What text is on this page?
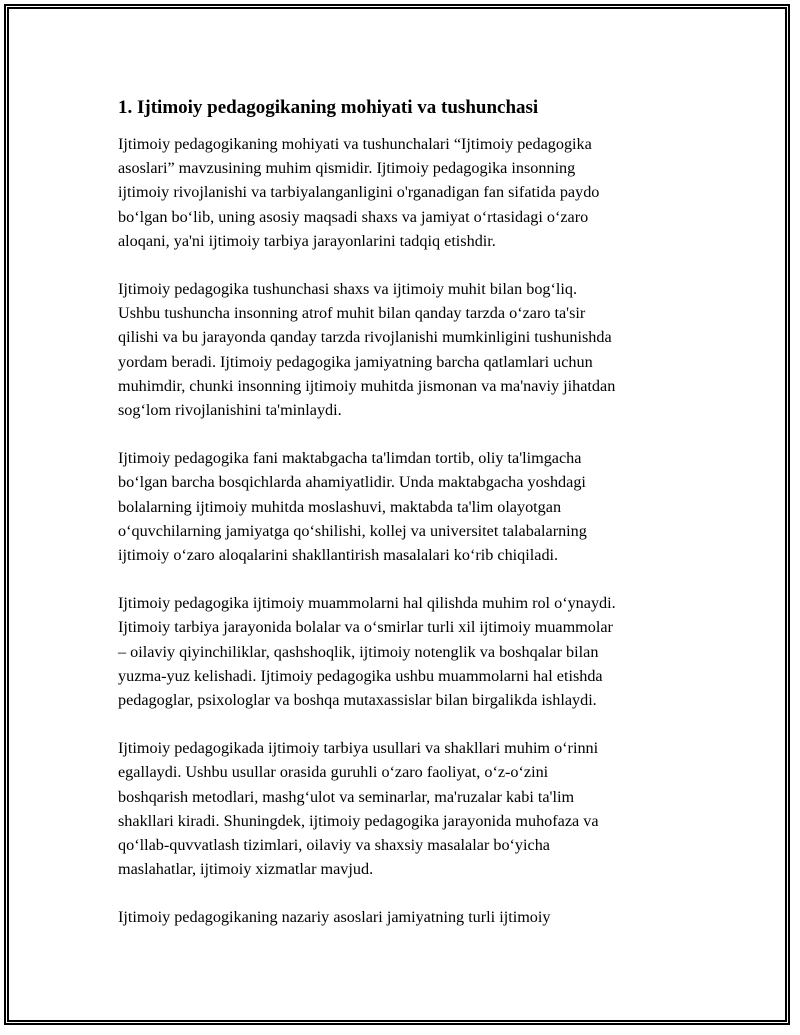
1. Ijtimoiy pedagogikaning mohiyati va tushunchasi
Ijtimoiy pedagogikaning mohiyati va tushunchalari “Ijtimoiy pedagogika
asoslari” mavzusining muhim qismidir. Ijtimoiy pedagogika insonning
ijtimoiy rivojlanishi va tarbiyalanganligini o'rganadigan fan sifatida paydo
bo‘lgan bo‘lib, uning asosiy maqsadi shaxs va jamiyat o‘rtasidagi o‘zaro
aloqani, ya'ni ijtimoiy tarbiya jarayonlarini tadqiq etishdir.
Ijtimoiy pedagogika tushunchasi shaxs va ijtimoiy muhit bilan bog‘liq.
Ushbu tushuncha insonning atrof muhit bilan qanday tarzda o‘zaro ta'sir
qilishi va bu jarayonda qanday tarzda rivojlanishi mumkinligini tushunishda
yordam beradi. Ijtimoiy pedagogika jamiyatning barcha qatlamlari uchun
muhimdir, chunki insonning ijtimoiy muhitda jismonan va ma'naviy jihatdan
sog‘lom rivojlanishini ta'minlaydi.
Ijtimoiy pedagogika fani maktabgacha ta'limdan tortib, oliy ta'limgacha
bo‘lgan barcha bosqichlarda ahamiyatlidir. Unda maktabgacha yoshdagi
bolalarning ijtimoiy muhitda moslashuvi, maktabda ta'lim olayotgan
o‘quvchilarning jamiyatga qo‘shilishi, kollej va universitet talabalarning
ijtimoiy o‘zaro aloqalarini shakllantirish masalalari ko‘rib chiqiladi.
Ijtimoiy pedagogika ijtimoiy muammolarni hal qilishda muhim rol o‘ynaydi.
Ijtimoiy tarbiya jarayonida bolalar va o‘smirlar turli xil ijtimoiy muammolar
– oilaviy qiyinchiliklar, qashshoqlik, ijtimoiy notenglik va boshqalar bilan
yuzma-yuz kelishadi. Ijtimoiy pedagogika ushbu muammolarni hal etishda
pedagoglar, psixologlar va boshqa mutaxassislar bilan birgalikda ishlaydi.
Ijtimoiy pedagogikada ijtimoiy tarbiya usullari va shakllari muhim o‘rinni
egallaydi. Ushbu usullar orasida guruhli o‘zaro faoliyat, o‘z-o‘zini
boshqarish metodlari, mashg‘ulot va seminarlar, ma'ruzalar kabi ta'lim
shakllari kiradi. Shuningdek, ijtimoiy pedagogika jarayonida muhofaza va
qo‘llab-quvvatlash tizimlari, oilaviy va shaxsiy masalalar bo‘yicha
maslahatlar, ijtimoiy xizmatlar mavjud.
Ijtimoiy pedagogikaning nazariy asoslari jamiyatning turli ijtimoiy
